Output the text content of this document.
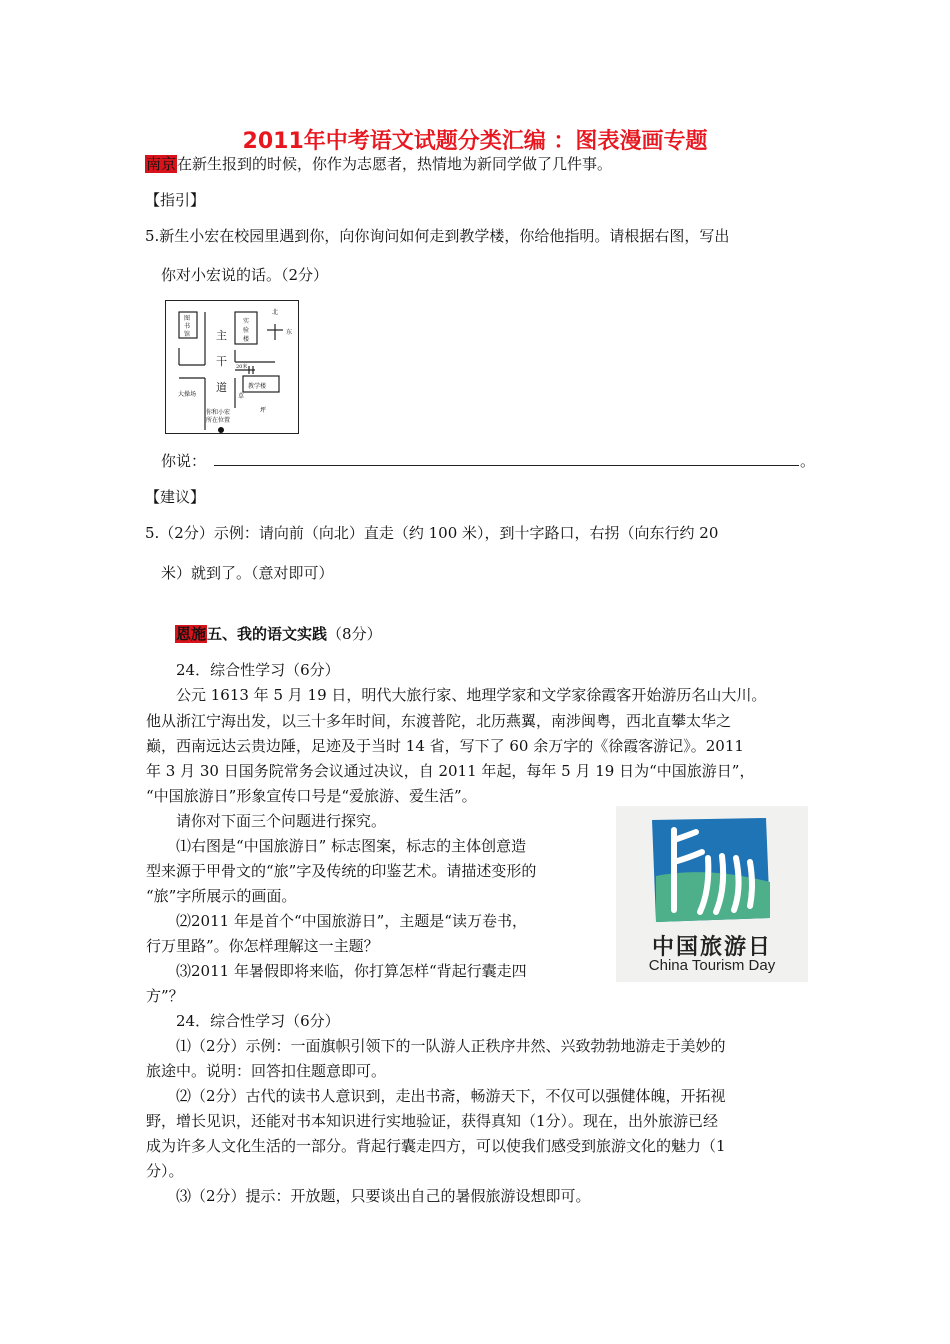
2011年中考语文试题分类汇编 ：图表漫画专题
南京在新生报到的时候，你作为志愿者，热情地为新同学做了几件事。
【指引】
5.新生小宏在校园里遇到你，向你询问如何走到教学楼，你给他指明。请根据右图，写出
你对小宏说的话。（2分）
北
东
图
书
馆
实
验
楼
主
干
道
20米
教学楼
大操场	草
坪
你和小宏
所在位置
你说：	。
【建议】
5.（2分）示例：请向前（向北）直走（约 100 米），到十字路口，右拐（向东行约 20
米）就到了。（意对即可）
恩施五、我的语文实践（8分）
24．综合性学习（6分）
公元 1613 年 5 月 19 日，明代大旅行家、地理学家和文学家徐霞客开始游历名山大川。
他从浙江宁海出发，以三十多年时间，东渡普陀，北历燕翼，南涉闽粤，西北直攀太华之
巅，西南远达云贵边陲，足迹及于当时 14 省，写下了 60 余万字的《徐霞客游记》。2011
年 3 月 30 日国务院常务会议通过决议，自 2011 年起，每年 5 月 19 日为“中国旅游日”，
“中国旅游日”形象宣传口号是“爱旅游、爱生活”。
请你对下面三个问题进行探究。
⑴右图是“中国旅游日” 标志图案，标志的主体创意造
型来源于甲骨文的“旅”字及传统的印鉴艺术。请描述变形的
“旅”字所展示的画面。
⑵2011 年是首个“中国旅游日”，主题是“读万卷书，
行万里路”。你怎样理解这一主题？
⑶2011 年暑假即将来临，你打算怎样“背起行囊走四
方”？
中国旅游日
China Tourism Day
24．综合性学习（6分）
⑴（2分）示例：一面旗帜引领下的一队游人正秩序井然、兴致勃勃地游走于美妙的
旅途中。说明：回答扣住题意即可。
⑵（2分）古代的读书人意识到，走出书斋，畅游天下，不仅可以强健体魄，开拓视
野，增长见识，还能对书本知识进行实地验证，获得真知（1分）。现在，出外旅游已经
成为许多人文化生活的一部分。背起行囊走四方，可以使我们感受到旅游文化的魅力（1
分）。
⑶（2分）提示：开放题，只要谈出自己的暑假旅游设想即可。
